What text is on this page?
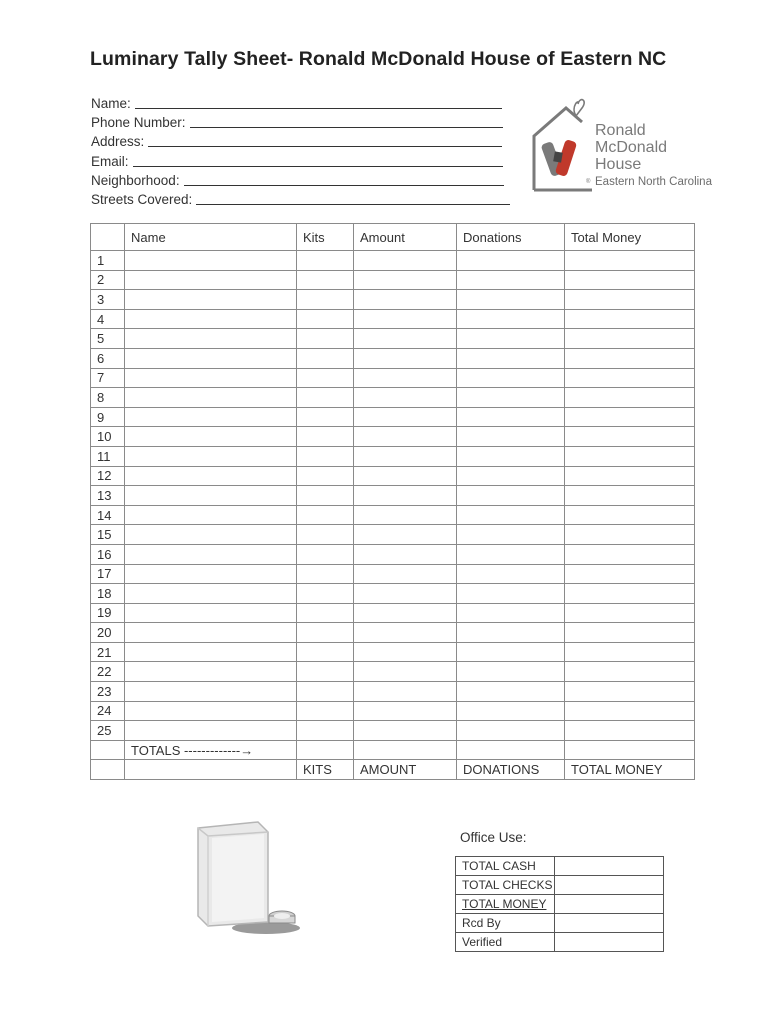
Luminary Tally Sheet- Ronald McDonald House of Eastern NC
Name:
Phone Number:
Address:
Email:
Neighborhood:
Streets Covered:
Ronald
McDonald
House
® Eastern North Carolina
	Name	Kits	Amount	Donations	Total Money
1					
2					
3					
4					
5					
6					
7					
8					
9					
10					
11					
12					
13					
14					
15					
16					
17					
18					
19					
20					
21					
22					
23					
24					
25					
	TOTALS -------------→				
		KITS	AMOUNT	DONATIONS	TOTAL MONEY
Office Use:
TOTAL CASH	
TOTAL CHECKS	
TOTAL MONEY	
Rcd By	
Verified	
